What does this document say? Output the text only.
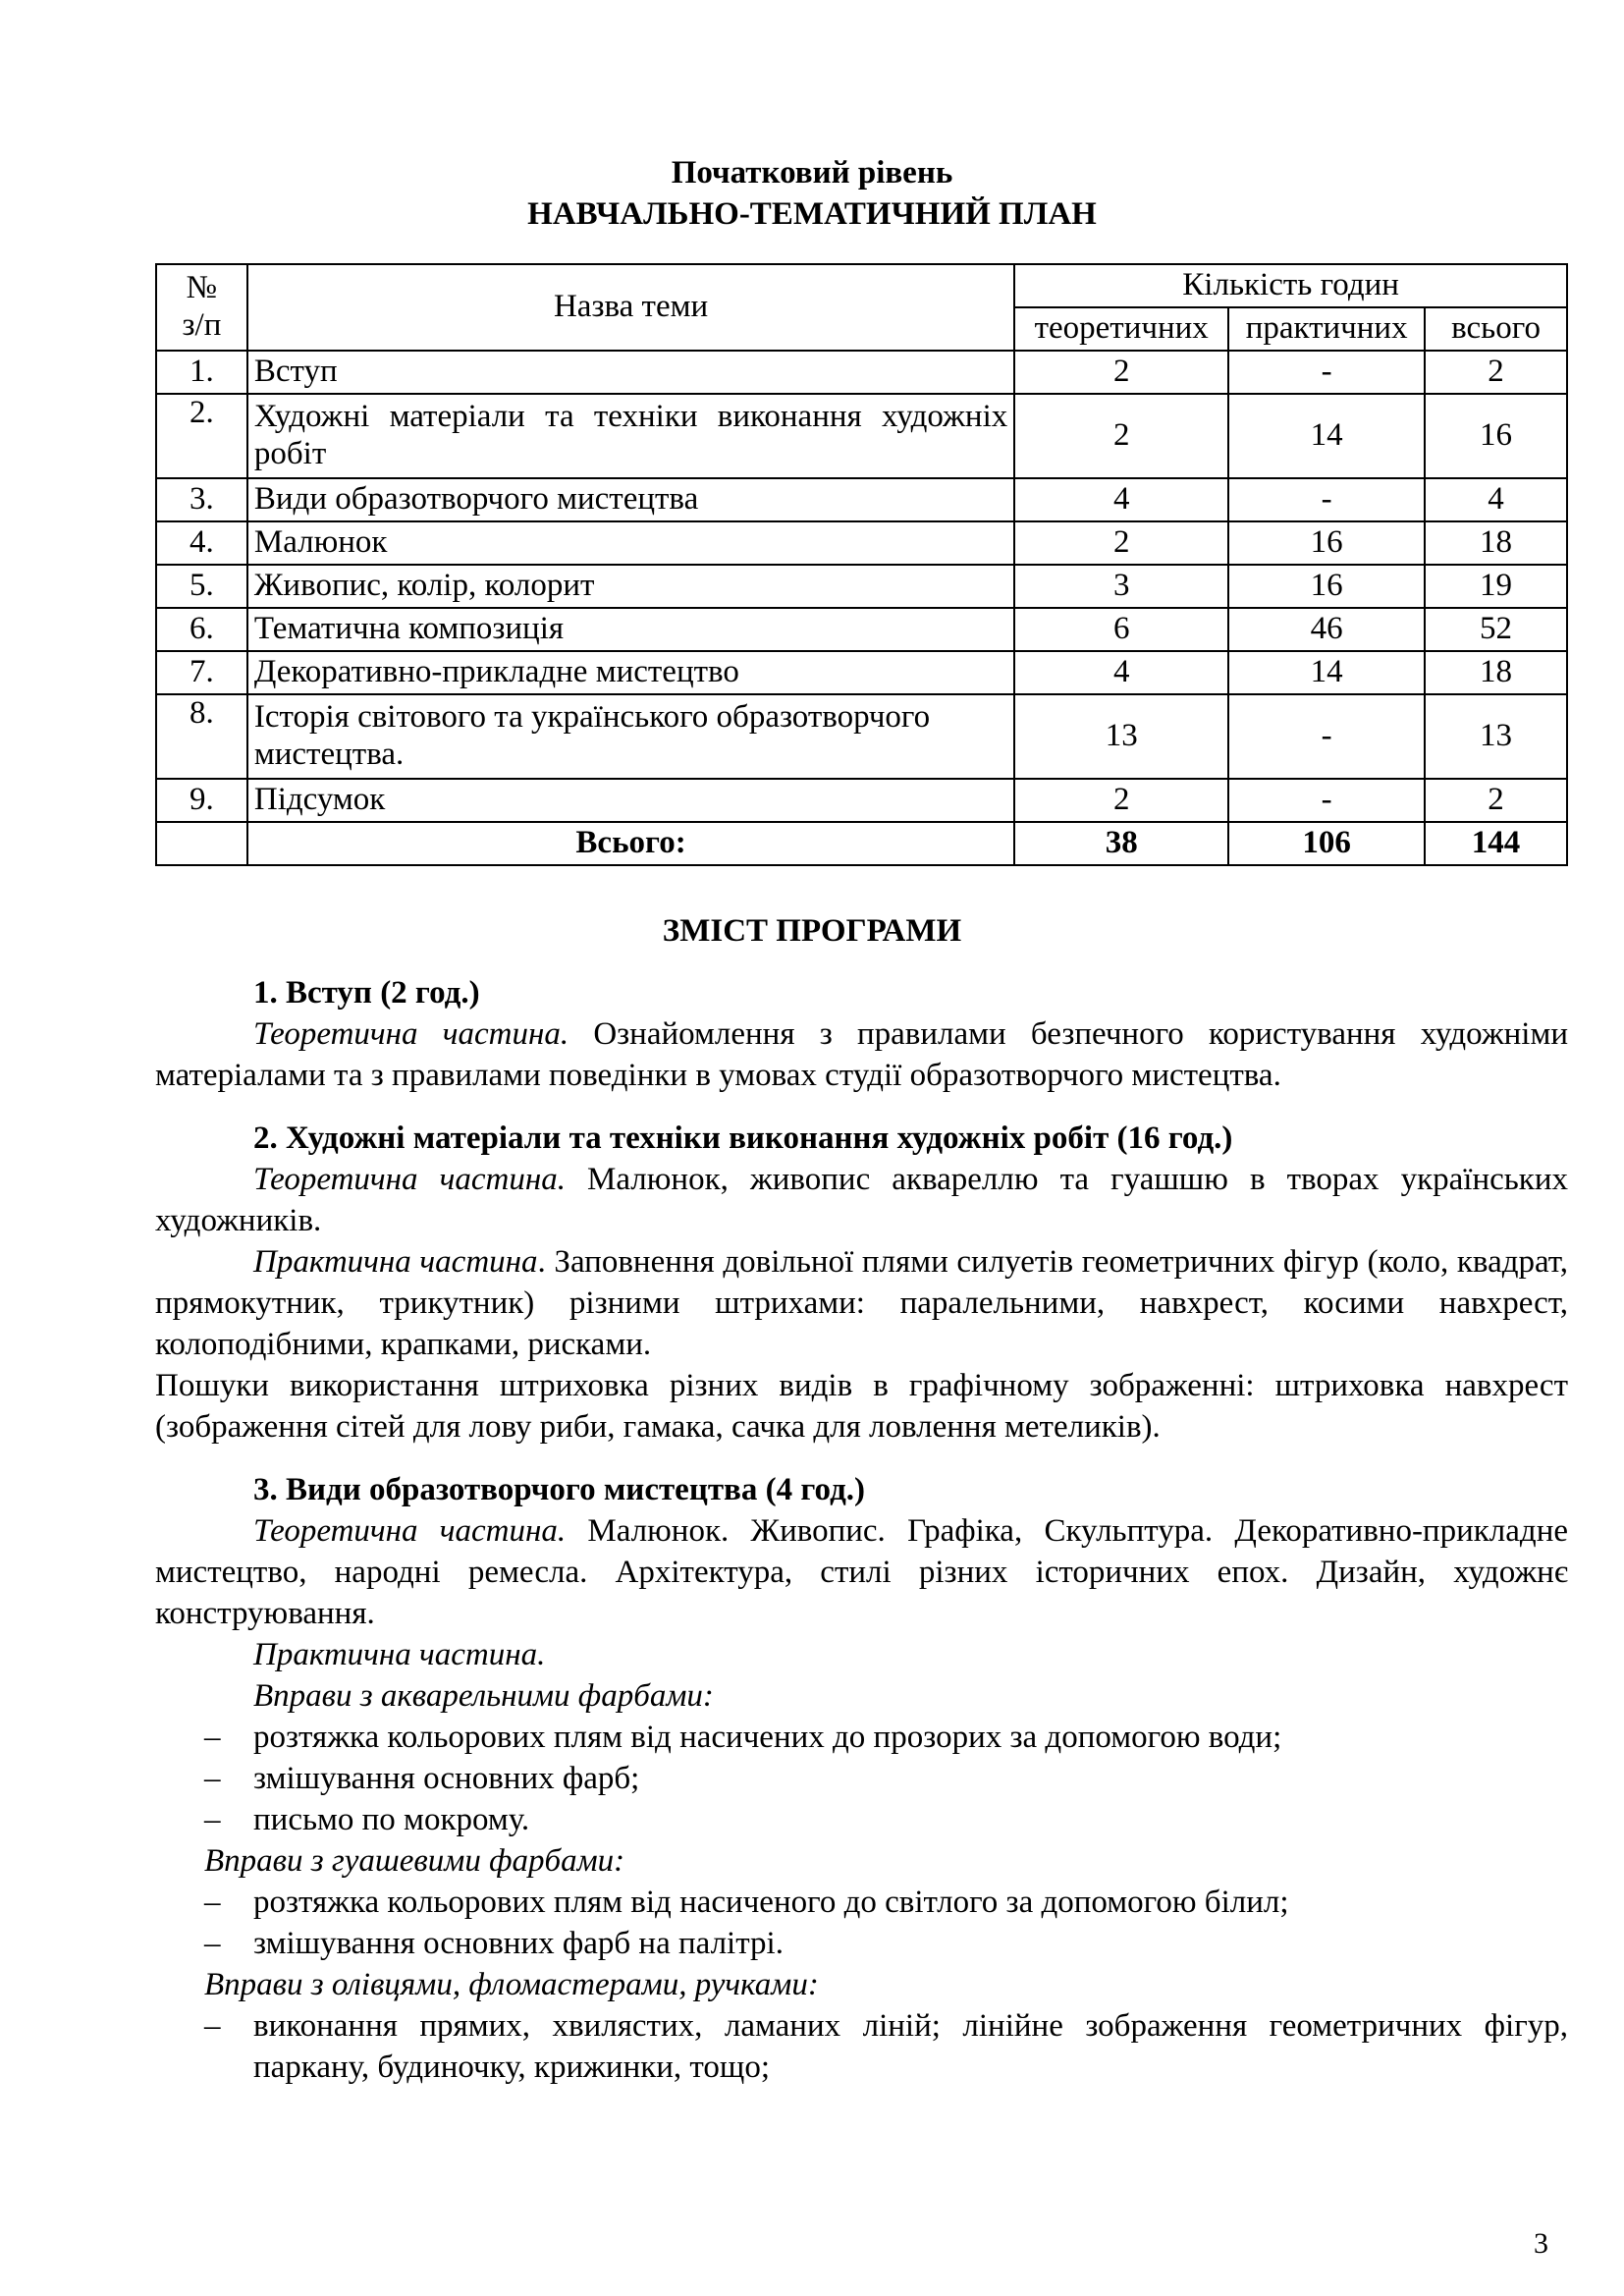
Початковий рівень

НАВЧАЛЬНО-ТЕМАТИЧНИЙ ПЛАН

№
з/п	Назва теми	Кількість годин		
		теоретичних	практичних	всього
1.	Вступ	2	-	2
2.	Художні матеріали та техніки виконання художніх робіт	2	14	16
3.	Види образотворчого мистецтва	4	-	4
4.	Малюнок	2	16	18
5.	Живопис, колір, колорит	3	16	19
6.	Тематична композиція	6	46	52
7.	Декоративно-прикладне мистецтво	4	14	18
8.	Історія світового та українського образотворчого мистецтва.	13	-	13
9.	Підсумок	2	-	2
	Всього:	38	106	144

ЗМІСТ ПРОГРАМИ

1. Вступ (2 год.)

Теоретична частина. Ознайомлення з правилами безпечного користування художніми матеріалами та з правилами поведінки в умовах студії образотворчого мистецтва.

2. Художні матеріали та техніки виконання художніх робіт (16 год.)

Теоретична частина. Малюнок, живопис аквареллю та гуашшю в творах українських художників.

Практична частина. Заповнення довільної плями силуетів геометричних фігур (коло, квадрат, прямокутник, трикутник) різними штрихами: паралельними, навхрест, косими навхрест, колоподібними, крапками, рисками.

Пошуки використання штриховка різних видів в графічному зображенні: штриховка навхрест (зображення сітей для лову риби, гамака, сачка для ловлення метеликів).

3. Види образотворчого мистецтва (4 год.)

Теоретична частина. Малюнок. Живопис. Графіка, Скульптура. Декоративно-прикладне мистецтво, народні ремесла. Архітектура, стилі різних історичних епох. Дизайн, художнє конструювання.

Практична частина.

Вправи з акварельними фарбами:

– розтяжка кольорових плям від насичених до прозорих за допомогою води;

– змішування основних фарб;

– письмо по мокрому.

Вправи з гуашевими фарбами:

– розтяжка кольорових плям від насиченого до світлого за допомогою білил;

– змішування основних фарб на палітрі.

Вправи з олівцями, фломастерами, ручками:

– виконання прямих, хвилястих, ламаних ліній; лінійне зображення геометричних фігур, паркану, будиночку, крижинки, тощо;

3
